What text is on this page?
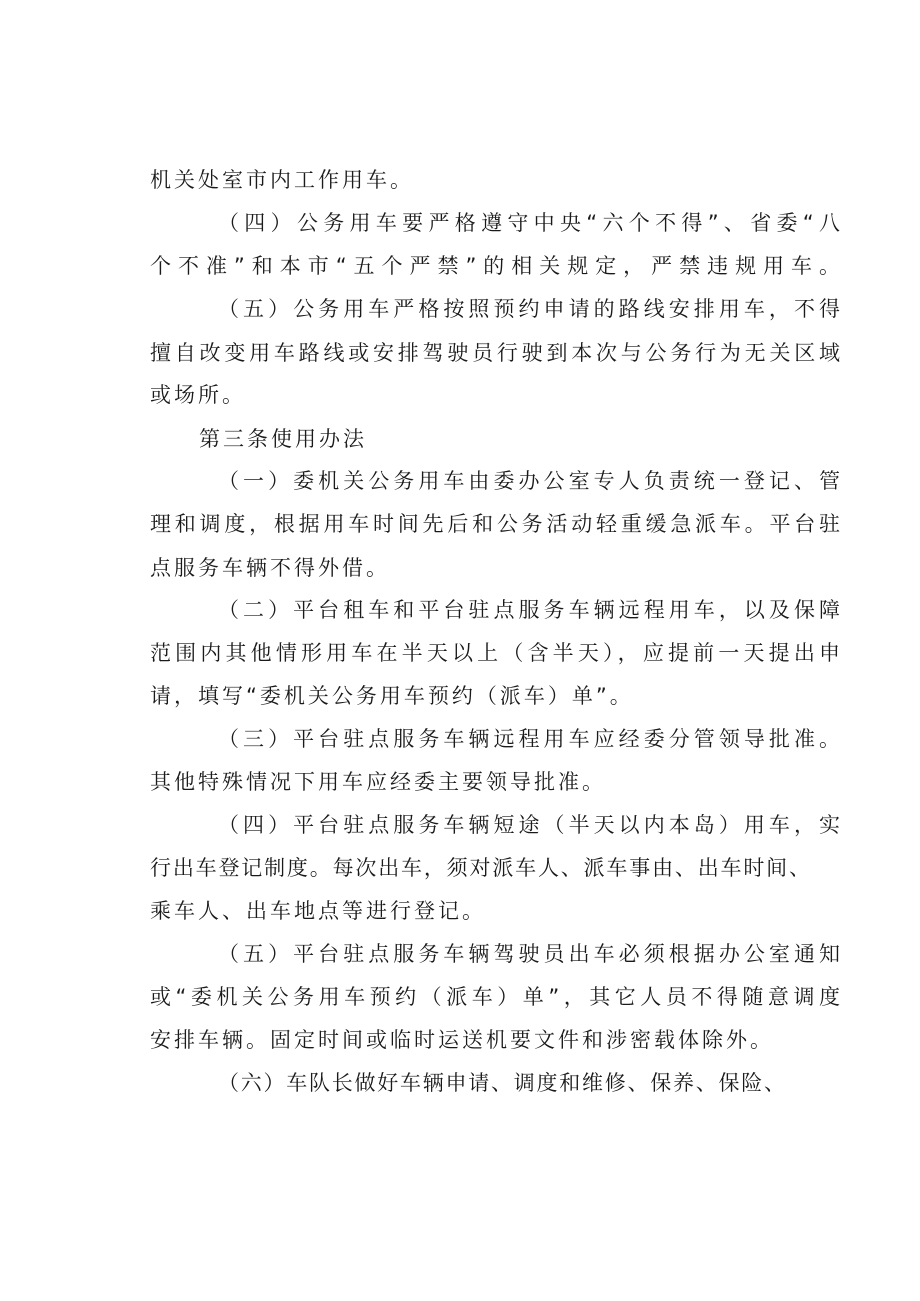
机关处室市内工作用车。

（四）公务用车要严格遵守中央“六个不得”、省委“八

个不准”和本市“五个严禁”的相关规定，严禁违规用车。

（五）公务用车严格按照预约申请的路线安排用车，不得

擅自改变用车路线或安排驾驶员行驶到本次与公务行为无关区域

或场所。

第三条使用办法

（一）委机关公务用车由委办公室专人负责统一登记、管

理和调度，根据用车时间先后和公务活动轻重缓急派车。平台驻

点服务车辆不得外借。

（二）平台租车和平台驻点服务车辆远程用车，以及保障

范围内其他情形用车在半天以上（含半天），应提前一天提出申

请，填写“委机关公务用车预约（派车）单”。

（三）平台驻点服务车辆远程用车应经委分管领导批准。

其他特殊情况下用车应经委主要领导批准。

（四）平台驻点服务车辆短途（半天以内本岛）用车，实

行出车登记制度。每次出车，须对派车人、派车事由、出车时间、

乘车人、出车地点等进行登记。

（五）平台驻点服务车辆驾驶员出车必须根据办公室通知

或“委机关公务用车预约（派车）单”，其它人员不得随意调度

安排车辆。固定时间或临时运送机要文件和涉密载体除外。

（六）车队长做好车辆申请、调度和维修、保养、保险、
